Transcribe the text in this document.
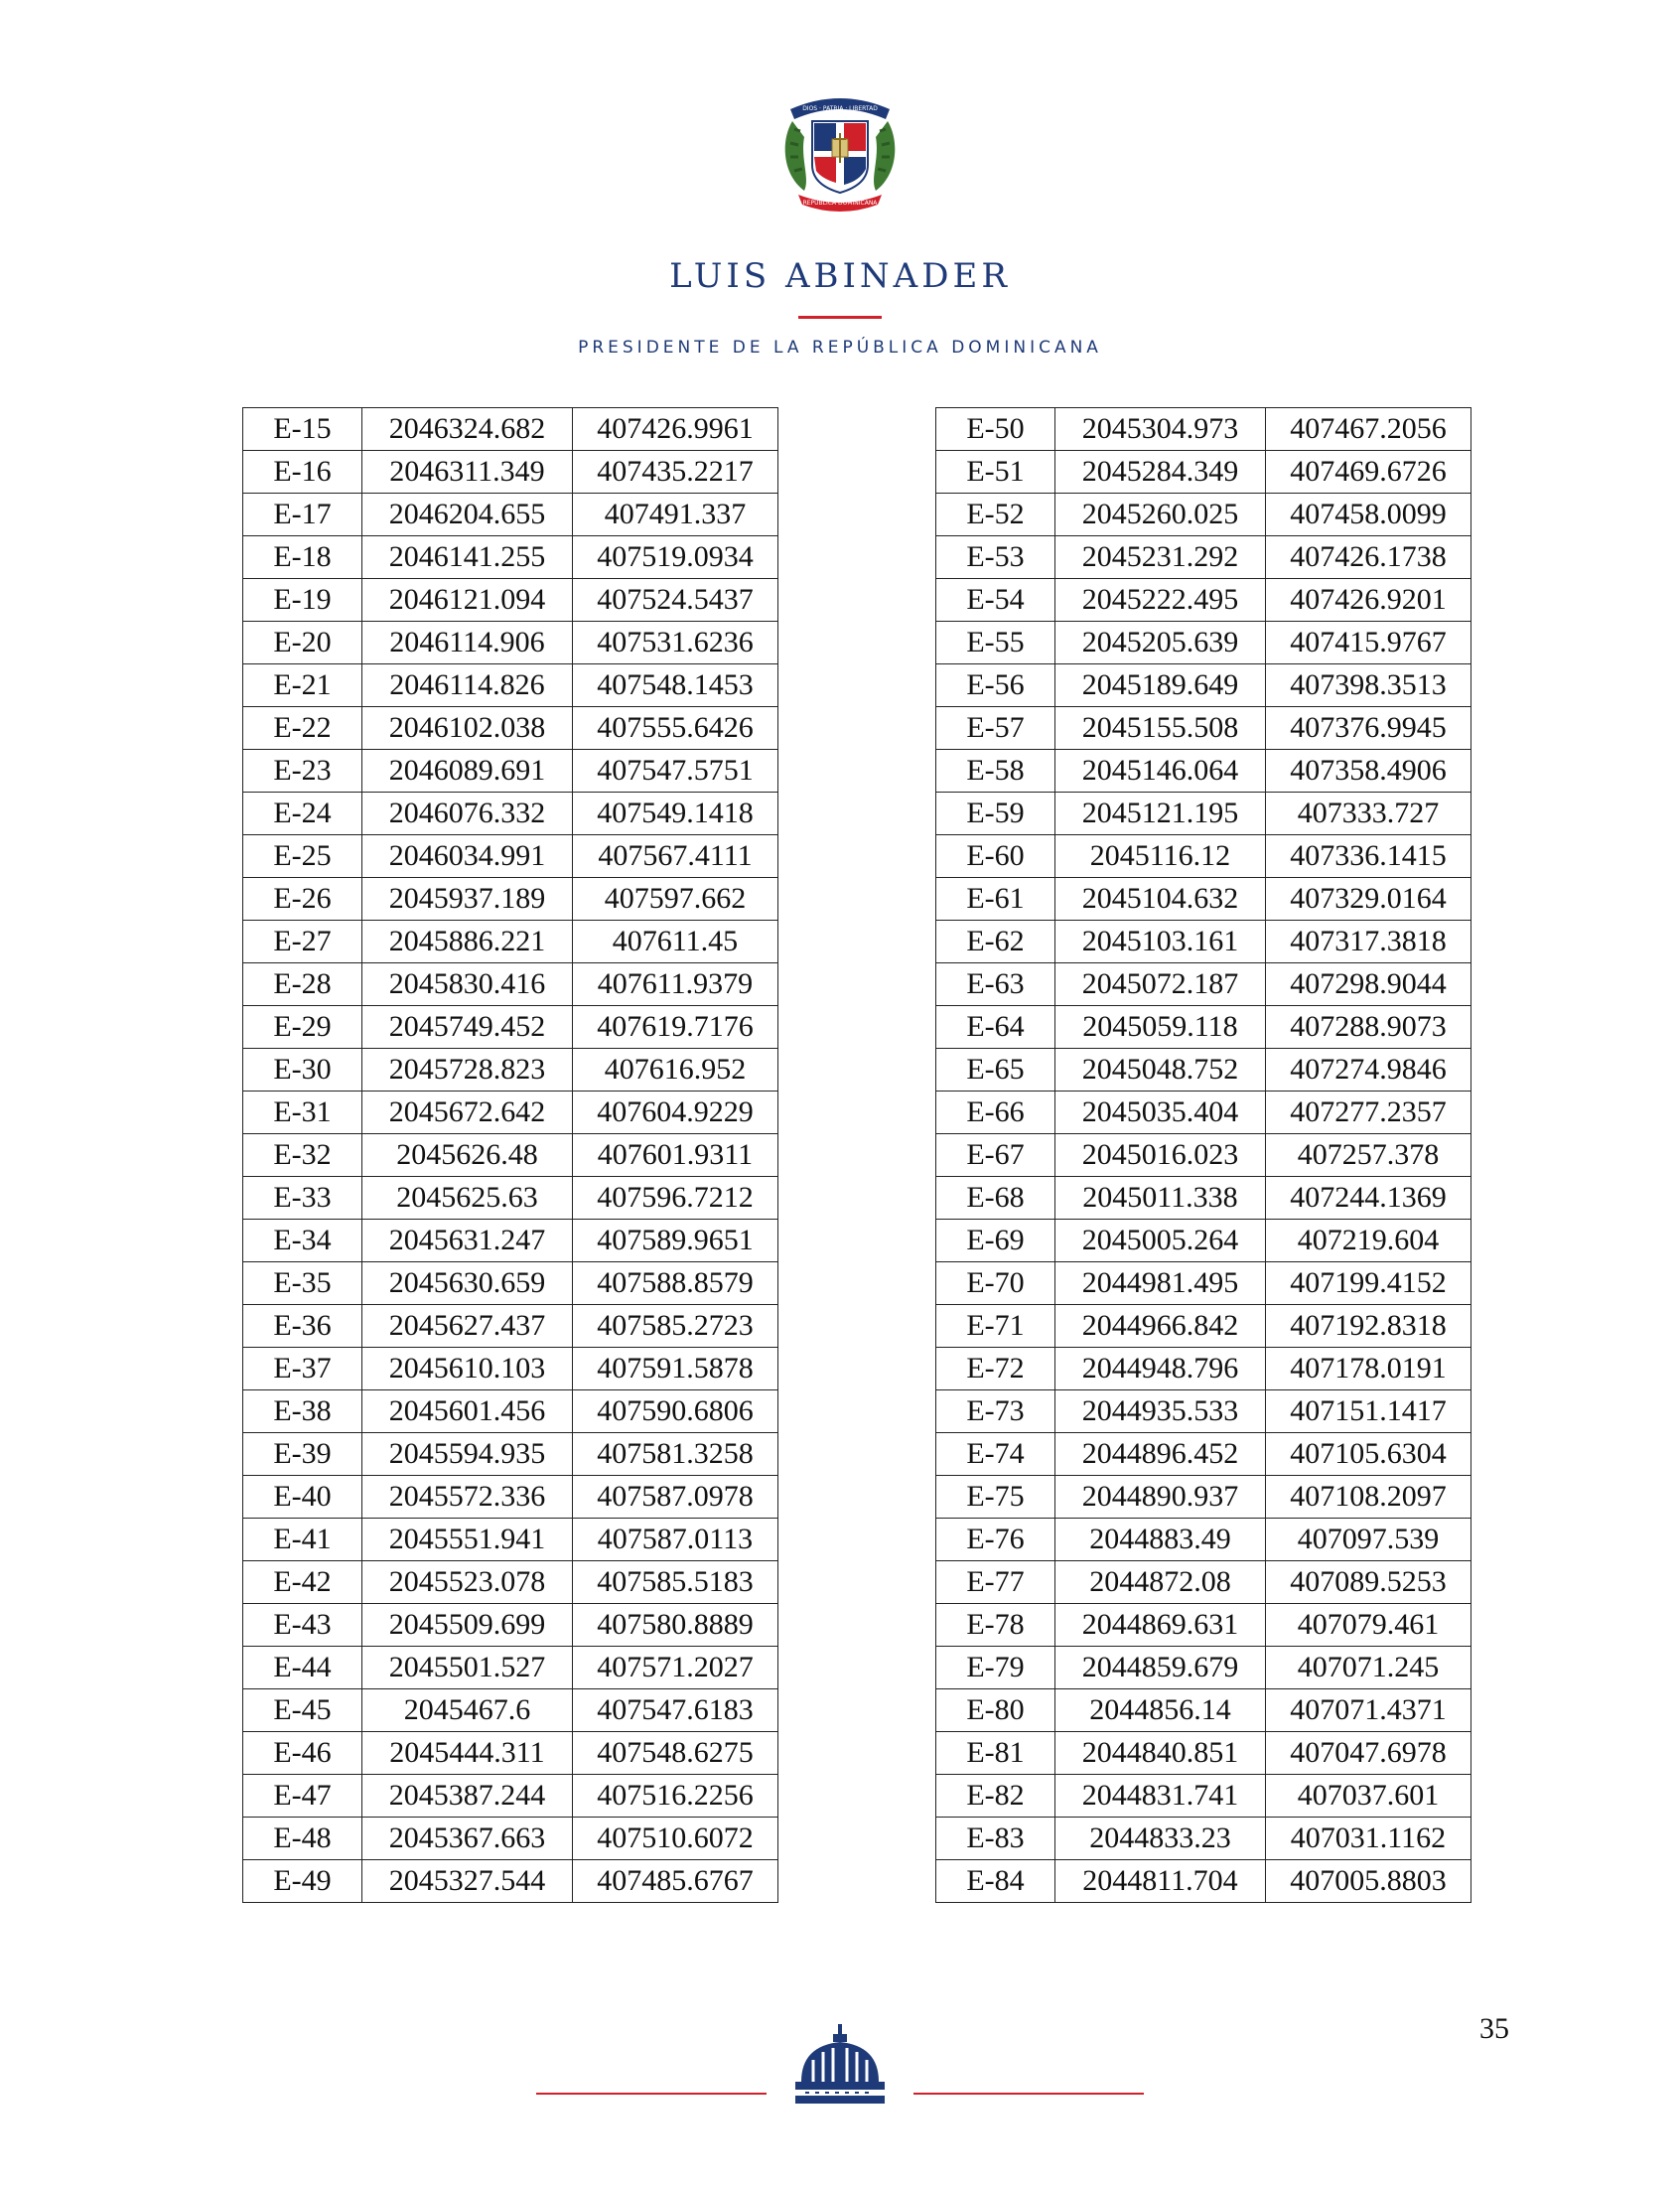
DIOS · PATRIA · LIBERTAD
REPÚBLICA DOMINICANA
LUIS ABINADER
PRESIDENTE DE LA REPÚBLICA DOMINICANA
E-15	2046324.682	407426.9961
E-16	2046311.349	407435.2217
E-17	2046204.655	407491.337
E-18	2046141.255	407519.0934
E-19	2046121.094	407524.5437
E-20	2046114.906	407531.6236
E-21	2046114.826	407548.1453
E-22	2046102.038	407555.6426
E-23	2046089.691	407547.5751
E-24	2046076.332	407549.1418
E-25	2046034.991	407567.4111
E-26	2045937.189	407597.662
E-27	2045886.221	407611.45
E-28	2045830.416	407611.9379
E-29	2045749.452	407619.7176
E-30	2045728.823	407616.952
E-31	2045672.642	407604.9229
E-32	2045626.48	407601.9311
E-33	2045625.63	407596.7212
E-34	2045631.247	407589.9651
E-35	2045630.659	407588.8579
E-36	2045627.437	407585.2723
E-37	2045610.103	407591.5878
E-38	2045601.456	407590.6806
E-39	2045594.935	407581.3258
E-40	2045572.336	407587.0978
E-41	2045551.941	407587.0113
E-42	2045523.078	407585.5183
E-43	2045509.699	407580.8889
E-44	2045501.527	407571.2027
E-45	2045467.6	407547.6183
E-46	2045444.311	407548.6275
E-47	2045387.244	407516.2256
E-48	2045367.663	407510.6072
E-49	2045327.544	407485.6767
E-50	2045304.973	407467.2056
E-51	2045284.349	407469.6726
E-52	2045260.025	407458.0099
E-53	2045231.292	407426.1738
E-54	2045222.495	407426.9201
E-55	2045205.639	407415.9767
E-56	2045189.649	407398.3513
E-57	2045155.508	407376.9945
E-58	2045146.064	407358.4906
E-59	2045121.195	407333.727
E-60	2045116.12	407336.1415
E-61	2045104.632	407329.0164
E-62	2045103.161	407317.3818
E-63	2045072.187	407298.9044
E-64	2045059.118	407288.9073
E-65	2045048.752	407274.9846
E-66	2045035.404	407277.2357
E-67	2045016.023	407257.378
E-68	2045011.338	407244.1369
E-69	2045005.264	407219.604
E-70	2044981.495	407199.4152
E-71	2044966.842	407192.8318
E-72	2044948.796	407178.0191
E-73	2044935.533	407151.1417
E-74	2044896.452	407105.6304
E-75	2044890.937	407108.2097
E-76	2044883.49	407097.539
E-77	2044872.08	407089.5253
E-78	2044869.631	407079.461
E-79	2044859.679	407071.245
E-80	2044856.14	407071.4371
E-81	2044840.851	407047.6978
E-82	2044831.741	407037.601
E-83	2044833.23	407031.1162
E-84	2044811.704	407005.8803
35
